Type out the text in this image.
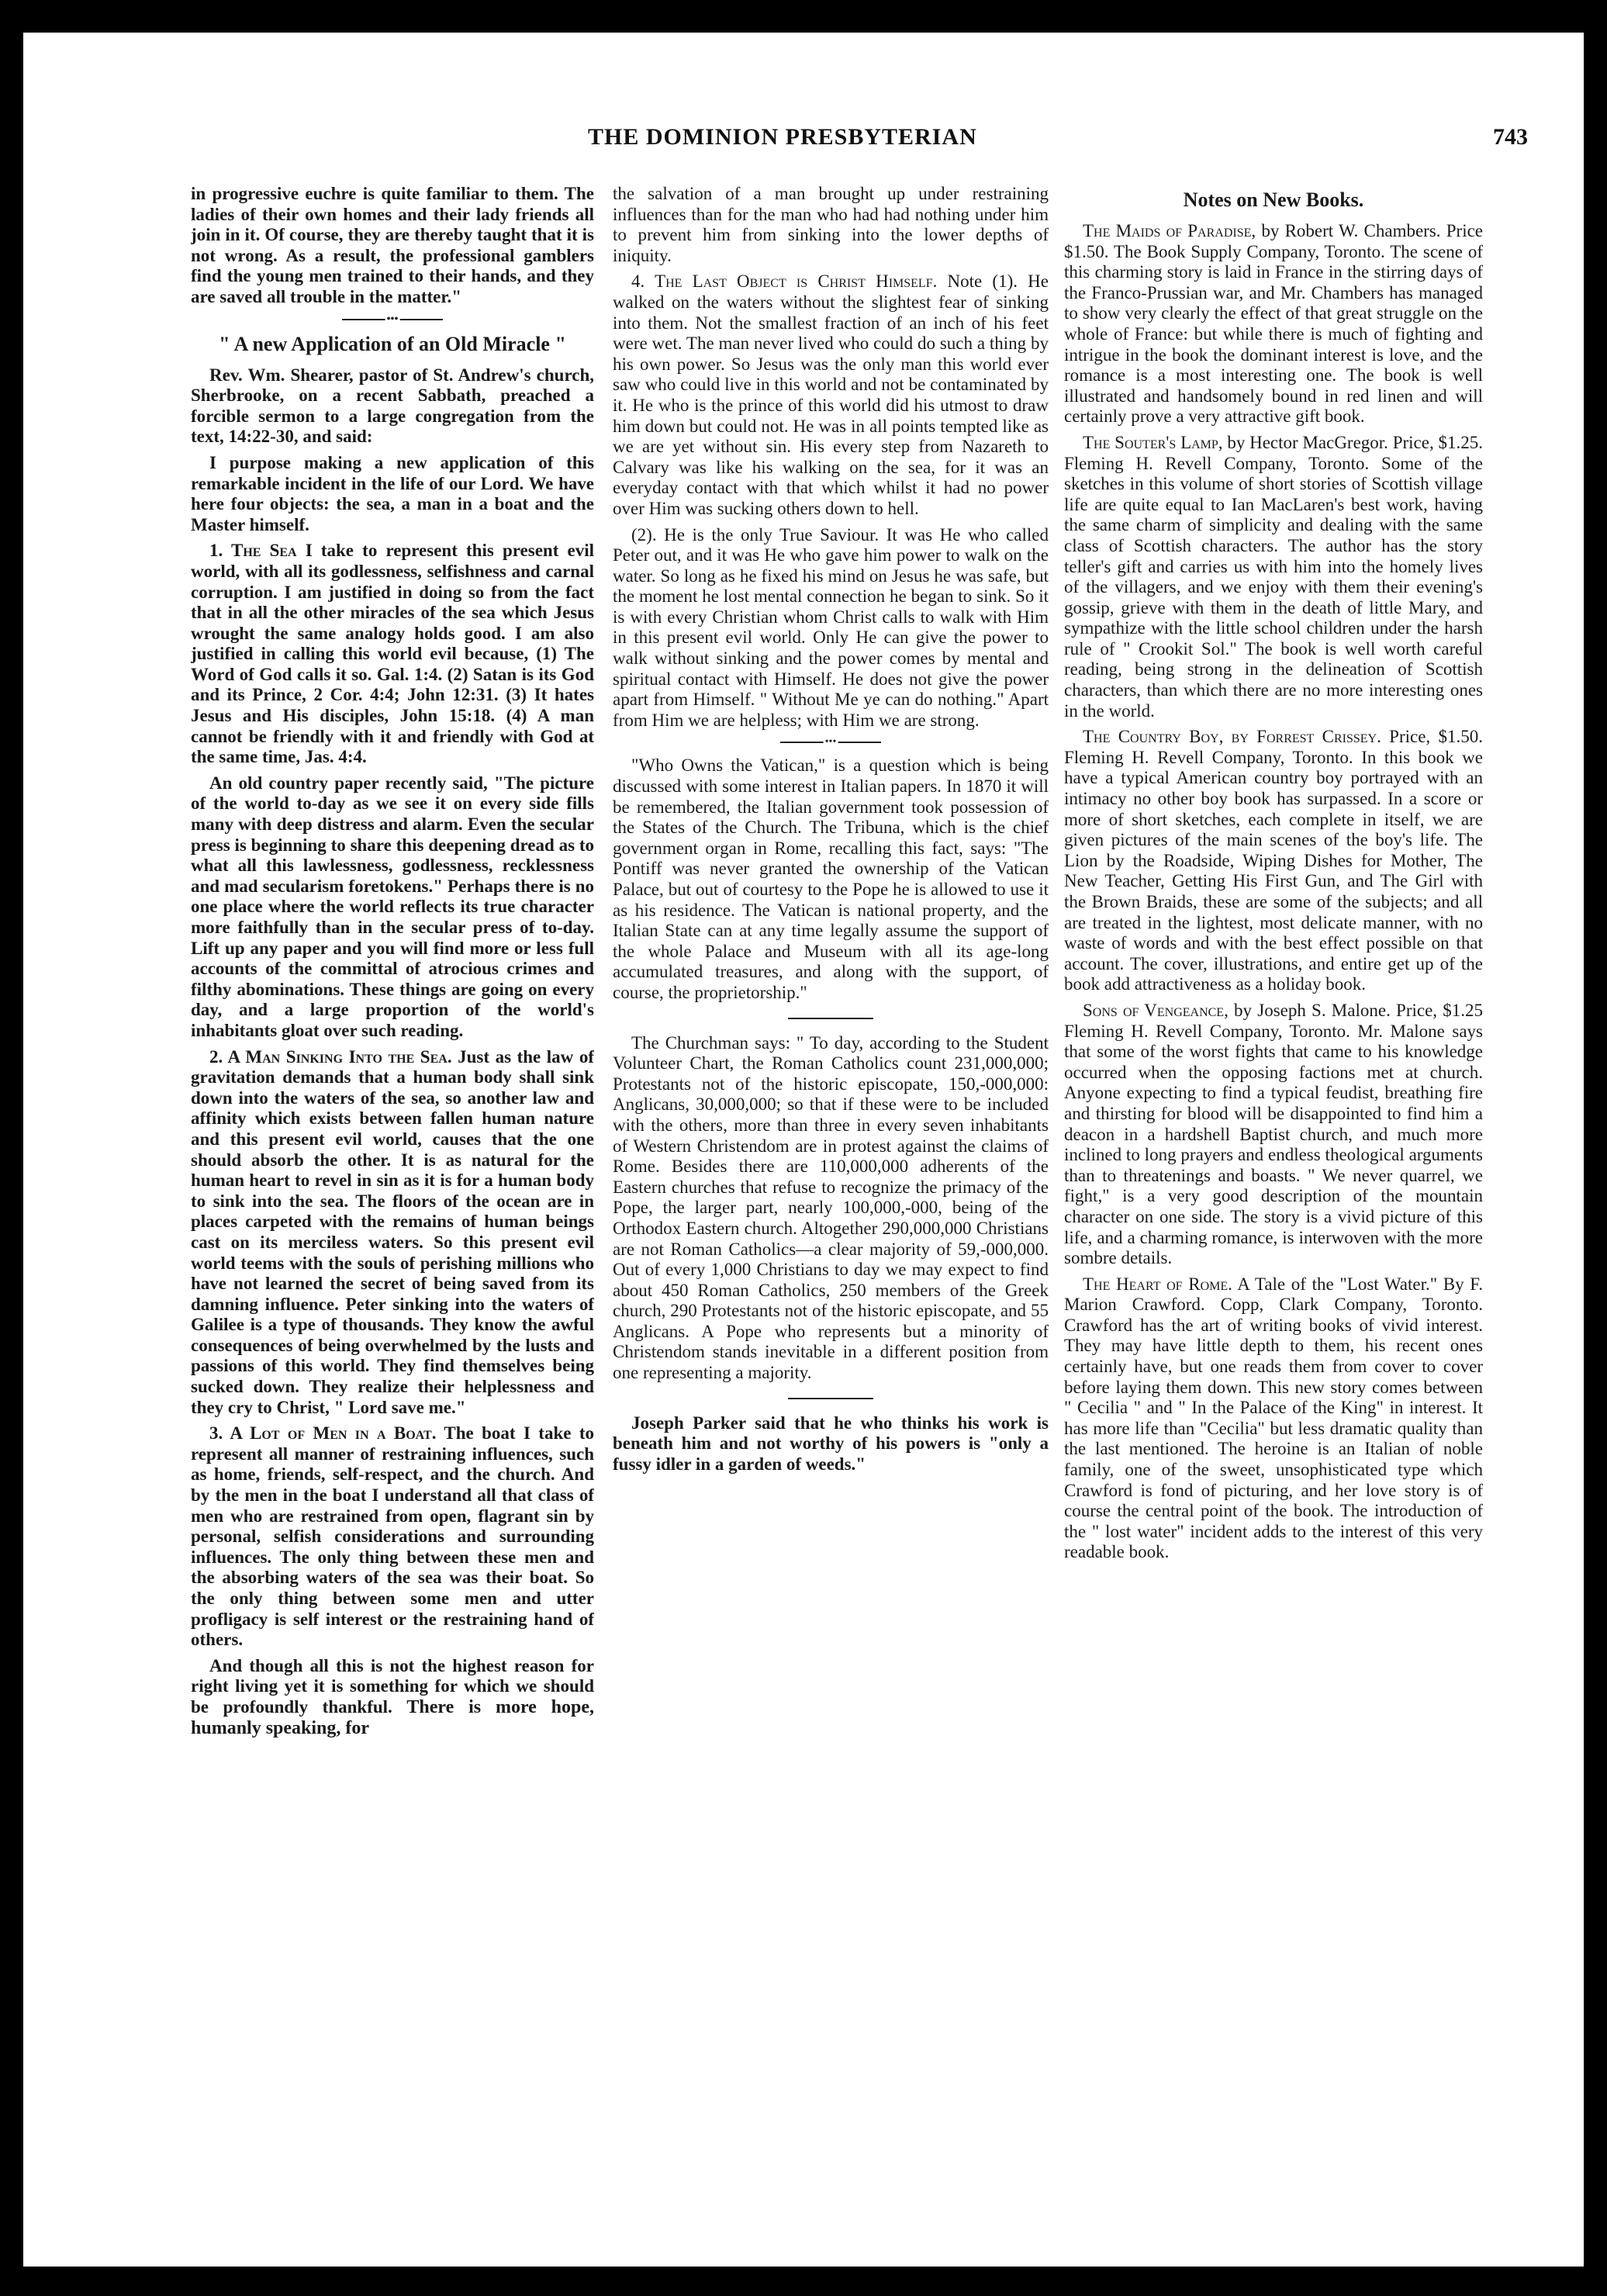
THE DOMINION PRESBYTERIAN	743

in progressive euchre is quite familiar to them. The ladies of their own homes and their lady friends all join in it. Of course, they are thereby taught that it is not wrong. As a result, the professional gamblers find the young men trained to their hands, and they are saved all trouble in the matter."

•••
" A new Application of an Old Miracle "

Rev. Wm. Shearer, pastor of St. Andrew's church, Sherbrooke, on a recent Sabbath, preached a forcible sermon to a large congregation from the text, 14:22-30, and said:

I purpose making a new application of this remarkable incident in the life of our Lord. We have here four objects: the sea, a man in a boat and the Master himself.

1. The Sea I take to represent this present evil world, with all its godlessness, selfishness and carnal corruption. I am justified in doing so from the fact that in all the other miracles of the sea which Jesus wrought the same analogy holds good. I am also justified in calling this world evil because, (1) The Word of God calls it so. Gal. 1:4. (2) Satan is its God and its Prince, 2 Cor. 4:4; John 12:31. (3) It hates Jesus and His disciples, John 15:18. (4) A man cannot be friendly with it and friendly with God at the same time, Jas. 4:4.

An old country paper recently said, "The picture of the world to-day as we see it on every side fills many with deep distress and alarm. Even the secular press is beginning to share this deepening dread as to what all this lawlessness, godlessness, recklessness and mad secularism foretokens." Perhaps there is no one place where the world reflects its true character more faithfully than in the secular press of to-day. Lift up any paper and you will find more or less full accounts of the committal of atrocious crimes and filthy abominations. These things are going on every day, and a large proportion of the world's inhabitants gloat over such reading.

2. A Man Sinking Into the Sea. Just as the law of gravitation demands that a human body shall sink down into the waters of the sea, so another law and affinity which exists between fallen human nature and this present evil world, causes that the one should absorb the other. It is as natural for the human heart to revel in sin as it is for a human body to sink into the sea. The floors of the ocean are in places carpeted with the remains of human beings cast on its merciless waters. So this present evil world teems with the souls of perishing millions who have not learned the secret of being saved from its damning influence. Peter sinking into the waters of Galilee is a type of thousands. They know the awful consequences of being overwhelmed by the lusts and passions of this world. They find themselves being sucked down. They realize their helplessness and they cry to Christ, " Lord save me."

3. A Lot of Men in a Boat. The boat I take to represent all manner of restraining influences, such as home, friends, self-respect, and the church. And by the men in the boat I understand all that class of men who are restrained from open, flagrant sin by personal, selfish considerations and surrounding influences. The only thing between these men and the absorbing waters of the sea was their boat. So the only thing between some men and utter profligacy is self interest or the restraining hand of others.

And though all this is not the highest reason for right living yet it is something for which we should be profoundly thankful. There is more hope, humanly speaking, for

the salvation of a man brought up under restraining influences than for the man who had had nothing under him to prevent him from sinking into the lower depths of iniquity.

4. The Last Object is Christ Himself. Note (1). He walked on the waters without the slightest fear of sinking into them. Not the smallest fraction of an inch of his feet were wet. The man never lived who could do such a thing by his own power. So Jesus was the only man this world ever saw who could live in this world and not be contaminated by it. He who is the prince of this world did his utmost to draw him down but could not. He was in all points tempted like as we are yet without sin. His every step from Nazareth to Calvary was like his walking on the sea, for it was an everyday contact with that which whilst it had no power over Him was sucking others down to hell.

(2). He is the only True Saviour. It was He who called Peter out, and it was He who gave him power to walk on the water. So long as he fixed his mind on Jesus he was safe, but the moment he lost mental connection he began to sink. So it is with every Christian whom Christ calls to walk with Him in this present evil world. Only He can give the power to walk without sinking and the power comes by mental and spiritual contact with Himself. He does not give the power apart from Himself. " Without Me ye can do nothing." Apart from Him we are helpless; with Him we are strong.

•••

"Who Owns the Vatican," is a question which is being discussed with some interest in Italian papers. In 1870 it will be remembered, the Italian government took possession of the States of the Church. The Tribuna, which is the chief government organ in Rome, recalling this fact, says: "The Pontiff was never granted the ownership of the Vatican Palace, but out of courtesy to the Pope he is allowed to use it as his residence. The Vatican is national property, and the Italian State can at any time legally assume the support of the whole Palace and Museum with all its age-long accumulated treasures, and along with the support, of course, the proprietorship."

The Churchman says: " To day, according to the Student Volunteer Chart, the Roman Catholics count 231,000,000; Protestants not of the historic episcopate, 150,-000,000: Anglicans, 30,000,000; so that if these were to be included with the others, more than three in every seven inhabitants of Western Christendom are in protest against the claims of Rome. Besides there are 110,000,000 adherents of the Eastern churches that refuse to recognize the primacy of the Pope, the larger part, nearly 100,000,-000, being of the Orthodox Eastern church. Altogether 290,000,000 Christians are not Roman Catholics—a clear majority of 59,-000,000. Out of every 1,000 Christians to day we may expect to find about 450 Roman Catholics, 250 members of the Greek church, 290 Protestants not of the historic episcopate, and 55 Anglicans. A Pope who represents but a minority of Christendom stands inevitable in a different position from one representing a majority.

Joseph Parker said that he who thinks his work is beneath him and not worthy of his powers is "only a fussy idler in a garden of weeds."

Notes on New Books.

The Maids of Paradise, by Robert W. Chambers. Price $1.50. The Book Supply Company, Toronto. The scene of this charming story is laid in France in the stirring days of the Franco-Prussian war, and Mr. Chambers has managed to show very clearly the effect of that great struggle on the whole of France: but while there is much of fighting and intrigue in the book the dominant interest is love, and the romance is a most interesting one. The book is well illustrated and handsomely bound in red linen and will certainly prove a very attractive gift book.

The Souter's Lamp, by Hector MacGregor. Price, $1.25. Fleming H. Revell Company, Toronto. Some of the sketches in this volume of short stories of Scottish village life are quite equal to Ian MacLaren's best work, having the same charm of simplicity and dealing with the same class of Scottish characters. The author has the story teller's gift and carries us with him into the homely lives of the villagers, and we enjoy with them their evening's gossip, grieve with them in the death of little Mary, and sympathize with the little school children under the harsh rule of " Crookit Sol." The book is well worth careful reading, being strong in the delineation of Scottish characters, than which there are no more interesting ones in the world.

The Country Boy, by Forrest Crissey. Price, $1.50. Fleming H. Revell Company, Toronto. In this book we have a typical American country boy portrayed with an intimacy no other boy book has surpassed. In a score or more of short sketches, each complete in itself, we are given pictures of the main scenes of the boy's life. The Lion by the Roadside, Wiping Dishes for Mother, The New Teacher, Getting His First Gun, and The Girl with the Brown Braids, these are some of the subjects; and all are treated in the lightest, most delicate manner, with no waste of words and with the best effect possible on that account. The cover, illustrations, and entire get up of the book add attractiveness as a holiday book.

Sons of Vengeance, by Joseph S. Malone. Price, $1.25 Fleming H. Revell Company, Toronto. Mr. Malone says that some of the worst fights that came to his knowledge occurred when the opposing factions met at church. Anyone expecting to find a typical feudist, breathing fire and thirsting for blood will be disappointed to find him a deacon in a hardshell Baptist church, and much more inclined to long prayers and endless theological arguments than to threatenings and boasts. " We never quarrel, we fight," is a very good description of the mountain character on one side. The story is a vivid picture of this life, and a charming romance, is interwoven with the more sombre details.

The Heart of Rome. A Tale of the "Lost Water." By F. Marion Crawford. Copp, Clark Company, Toronto. Crawford has the art of writing books of vivid interest. They may have little depth to them, his recent ones certainly have, but one reads them from cover to cover before laying them down. This new story comes between " Cecilia " and " In the Palace of the King" in interest. It has more life than "Cecilia" but less dramatic quality than the last mentioned. The heroine is an Italian of noble family, one of the sweet, unsophisticated type which Crawford is fond of picturing, and her love story is of course the central point of the book. The introduction of the " lost water" incident adds to the interest of this very readable book.
